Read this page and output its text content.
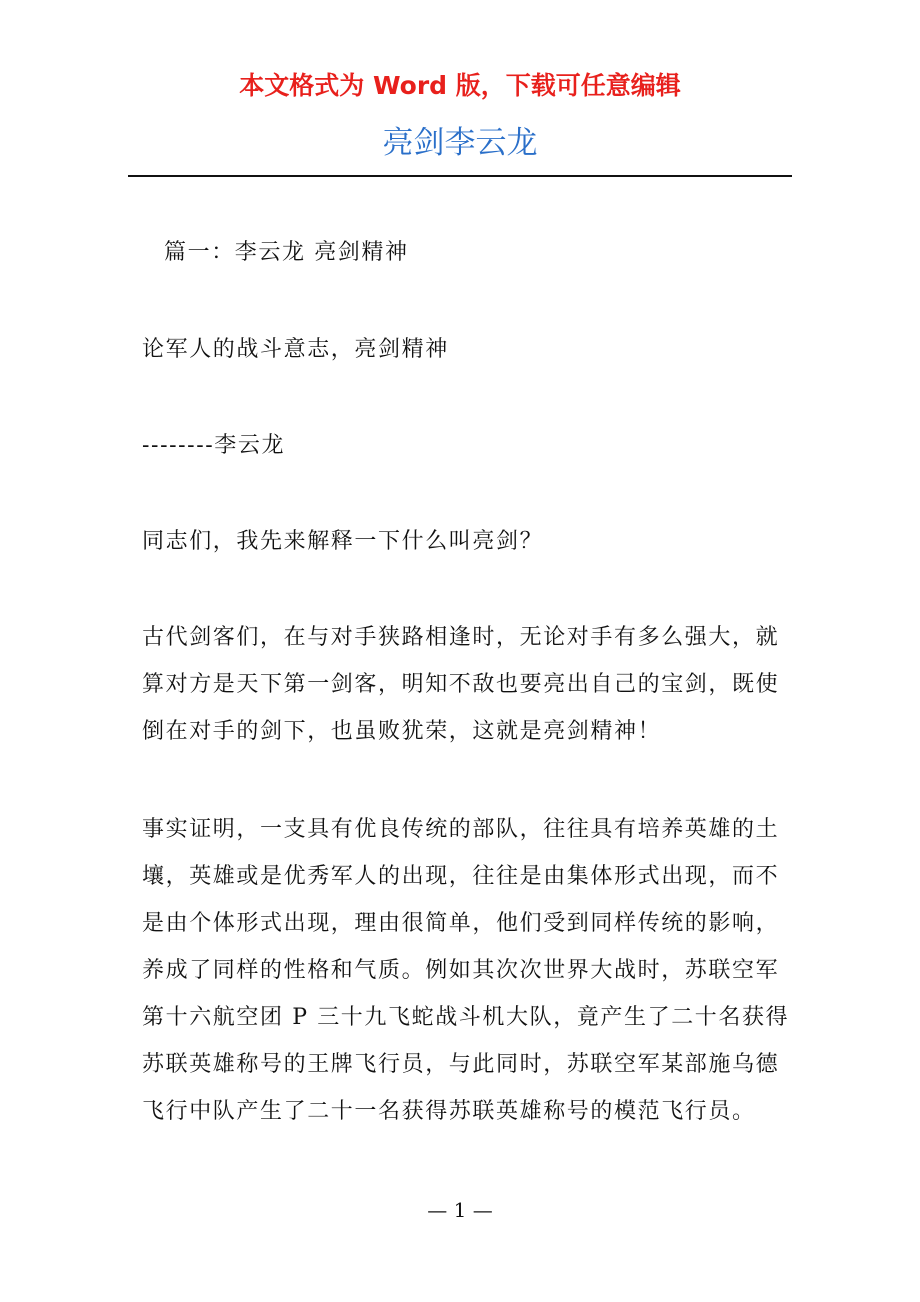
本文格式为 Word 版，下载可任意编辑

亮剑李云龙

篇一：李云龙 亮剑精神

论军人的战斗意志，亮剑精神

--------李云龙

同志们，我先来解释一下什么叫亮剑？

古代剑客们，在与对手狭路相逢时，无论对手有多么强大，就算对方是天下第一剑客，明知不敌也要亮出自己的宝剑，既使倒在对手的剑下，也虽败犹荣，这就是亮剑精神！

事实证明，一支具有优良传统的部队，往往具有培养英雄的土壤，英雄或是优秀军人的出现，往往是由集体形式出现，而不是由个体形式出现，理由很简单，他们受到同样传统的影响，养成了同样的性格和气质。例如其次次世界大战时，苏联空军第十六航空团 P 三十九飞蛇战斗机大队，竟产生了二十名获得苏联英雄称号的王牌飞行员，与此同时，苏联空军某部施乌德飞行中队产生了二十一名获得苏联英雄称号的模范飞行员。

— 1 —
